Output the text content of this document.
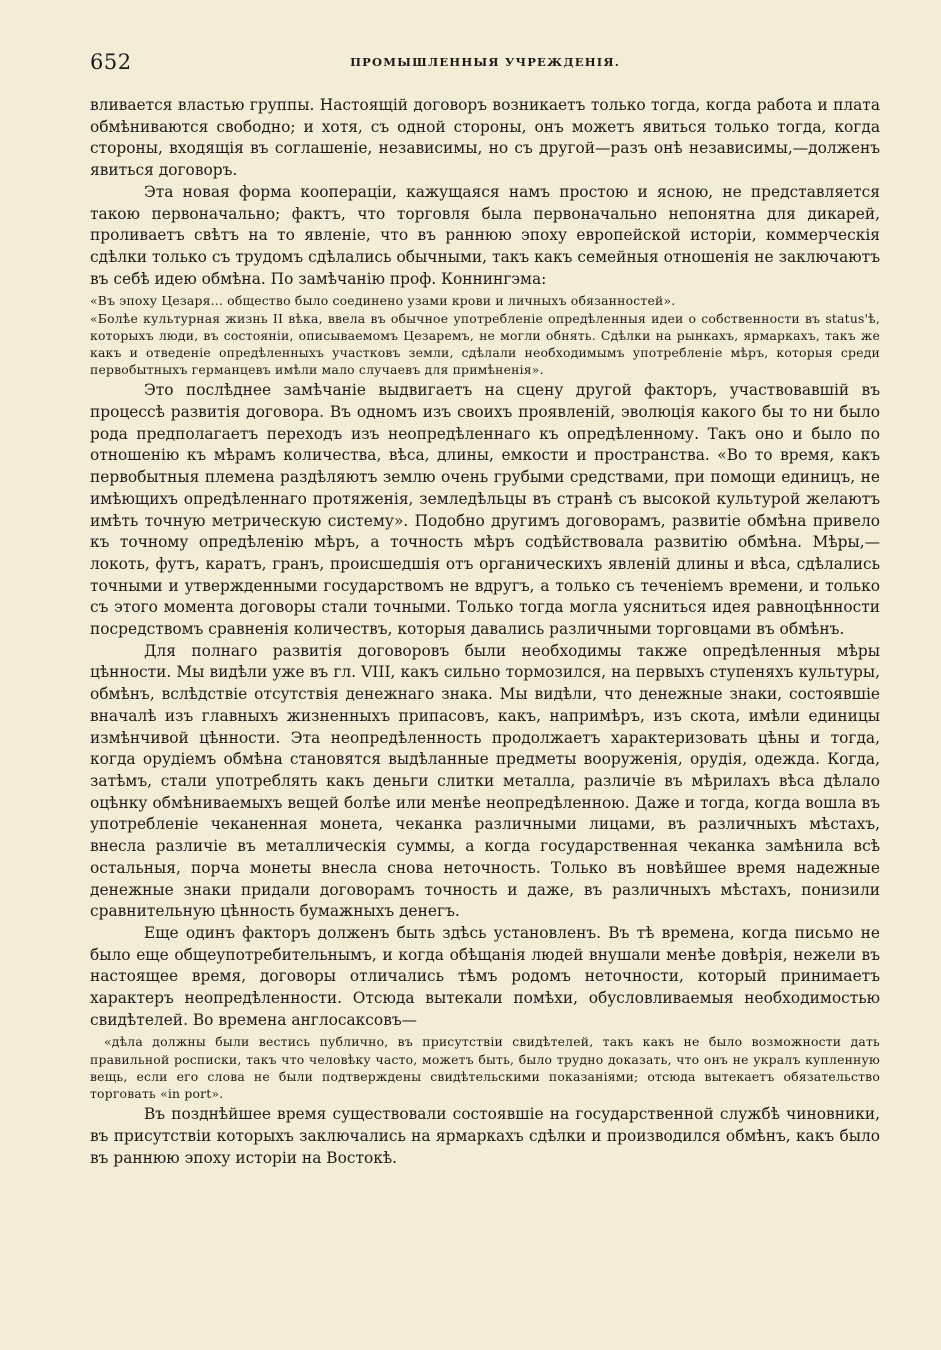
652	ПРОМЫШЛЕННЫЯ УЧРЕЖДЕНІЯ.

вливается властью группы. Настоящій договоръ возникаетъ только тогда, когда работа и плата обмѣниваются свободно; и хотя, съ одной стороны, онъ можетъ явиться только тогда, когда стороны, входящія въ соглашеніе, независимы, но съ другой—разъ онѣ независимы,—долженъ явиться договоръ.

Эта новая форма коопераціи, кажущаяся намъ простою и ясною, не представляется такою первоначально; фактъ, что торговля была первоначально непонятна для дикарей, проливаетъ свѣтъ на то явленіе, что въ раннюю эпоху европейской исторіи, коммерческія сдѣлки только съ трудомъ сдѣлались обычными, такъ какъ семейныя отношенія не заключаютъ въ себѣ идею обмѣна. По замѣчанію проф. Коннингэма:

«Въ эпоху Цезаря... общество было соединено узами крови и личныхъ обязанностей».

«Болѣе культурная жизнь II вѣка, ввела въ обычное употребленіе опредѣленныя идеи о собственности въ status'ѣ, которыхъ люди, въ состояніи, описываемомъ Цезаремъ, не могли обнять. Сдѣлки на рынкахъ, ярмаркахъ, такъ же какъ и отведеніе опредѣленныхъ участковъ земли, сдѣлали необходимымъ употребленіе мѣръ, которыя среди первобытныхъ германцевъ имѣли мало случаевъ для примѣненія».

Это послѣднее замѣчаніе выдвигаетъ на сцену другой факторъ, участвовавшій въ процессѣ развитія договора. Въ одномъ изъ своихъ проявленій, эволюція какого бы то ни было рода предполагаетъ переходъ изъ неопредѣленнаго къ опредѣленному. Такъ оно и было по отношенію къ мѣрамъ количества, вѣса, длины, емкости и пространства. «Во то время, какъ первобытныя племена раздѣляютъ землю очень грубыми средствами, при помощи единицъ, не имѣющихъ опредѣленнаго протяженія, земледѣльцы въ странѣ съ высокой культурой желаютъ имѣть точную метрическую систему». Подобно другимъ договорамъ, развитіе обмѣна привело къ точному опредѣленію мѣръ, а точность мѣръ содѣйствовала развитію обмѣна. Мѣры,—локоть, футъ, каратъ, гранъ, происшедшія отъ органическихъ явленій длины и вѣса, сдѣлались точными и утвержденными государствомъ не вдругъ, а только съ теченіемъ времени, и только съ этого момента договоры стали точными. Только тогда могла уясниться идея равноцѣнности посредствомъ сравненія количествъ, которыя давались различными торговцами въ обмѣнъ.

Для полнаго развитія договоровъ были необходимы также опредѣленныя мѣры цѣнности. Мы видѣли уже въ гл. VIII, какъ сильно тормозился, на первыхъ ступеняхъ культуры, обмѣнъ, вслѣдствіе отсутствія денежнаго знака. Мы видѣли, что денежные знаки, состоявшіе вначалѣ изъ главныхъ жизненныхъ припасовъ, какъ, напримѣръ, изъ скота, имѣли единицы измѣнчивой цѣнности. Эта неопредѣленность продолжаетъ характеризовать цѣны и тогда, когда орудіемъ обмѣна становятся выдѣланные предметы вооруженія, орудія, одежда. Когда, затѣмъ, стали употреблять какъ деньги слитки металла, различіе въ мѣрилахъ вѣса дѣлало оцѣнку обмѣниваемыхъ вещей болѣе или менѣе неопредѣленною. Даже и тогда, когда вошла въ употребленіе чеканенная монета, чеканка различными лицами, въ различныхъ мѣстахъ, внесла различіе въ металлическія суммы, а когда государственная чеканка замѣнила всѣ остальныя, порча монеты внесла снова неточность. Только въ новѣйшее время надежные денежные знаки придали договорамъ точность и даже, въ различныхъ мѣстахъ, понизили сравнительную цѣнность бумажныхъ денегъ.

Еще одинъ факторъ долженъ быть здѣсь установленъ. Въ тѣ времена, когда письмо не было еще общеупотребительнымъ, и когда обѣщанія людей внушали менѣе довѣрія, нежели въ настоящее время, договоры отличались тѣмъ родомъ неточности, который принимаетъ характеръ неопредѣленности. Отсюда вытекали помѣхи, обусловливаемыя необходимостью свидѣтелей. Во времена англосаксовъ—

«дѣла должны были вестись публично, въ присутствіи свидѣтелей, такъ какъ не было возможности дать правильной росписки, такъ что человѣку часто, можетъ быть, было трудно доказать, что онъ не укралъ купленную вещь, если его слова не были подтверждены свидѣтельскими показаніями; отсюда вытекаетъ обязательство торговать «in port».

Въ позднѣйшее время существовали состоявшіе на государственной службѣ чиновники, въ присутствіи которыхъ заключались на ярмаркахъ сдѣлки и производился обмѣнъ, какъ было въ раннюю эпоху исторіи на Востокѣ.
